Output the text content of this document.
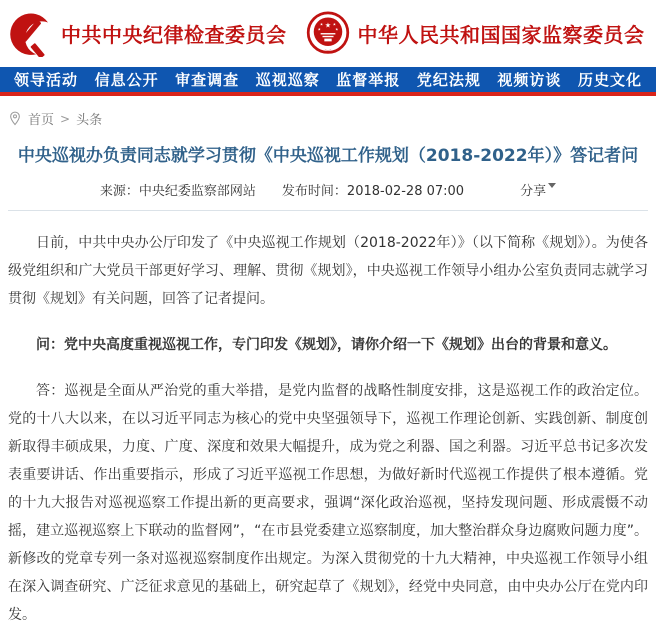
中共中央纪律检查委员会	★
★ ★
★ ★ 中华人民共和国国家监察委员会
领导活动 信息公开 审查调查 巡视巡察 监督举报 党纪法规 视频访谈 历史文化
首页 > 头条
中央巡视办负责同志就学习贯彻《中央巡视工作规划（2018-2022年）》答记者问
来源：中央纪委监察部网站 发布时间：2018-02-28 07:00	分享

日前，中共中央办公厅印发了《中央巡视工作规划（2018-2022年）》（以下简称《规划》）。为使各级党组织和广大党员干部更好学习、理解、贯彻《规划》，中央巡视工作领导小组办公室负责同志就学习贯彻《规划》有关问题，回答了记者提问。

问：党中央高度重视巡视工作，专门印发《规划》，请你介绍一下《规划》出台的背景和意义。

答：巡视是全面从严治党的重大举措，是党内监督的战略性制度安排，这是巡视工作的政治定位。党的十八大以来，在以习近平同志为核心的党中央坚强领导下，巡视工作理论创新、实践创新、制度创新取得丰硕成果，力度、广度、深度和效果大幅提升，成为党之利器、国之利器。习近平总书记多次发表重要讲话、作出重要指示，形成了习近平巡视工作思想，为做好新时代巡视工作提供了根本遵循。党的十九大报告对巡视巡察工作提出新的更高要求，强调“深化政治巡视，坚持发现问题、形成震慑不动摇，建立巡视巡察上下联动的监督网”，“在市县党委建立巡察制度，加大整治群众身边腐败问题力度”。新修改的党章专列一条对巡视巡察制度作出规定。为深入贯彻党的十九大精神，中央巡视工作领导小组在深入调查研究、广泛征求意见的基础上，研究起草了《规划》，经党中央同意，由中央办公厅在党内印发。
